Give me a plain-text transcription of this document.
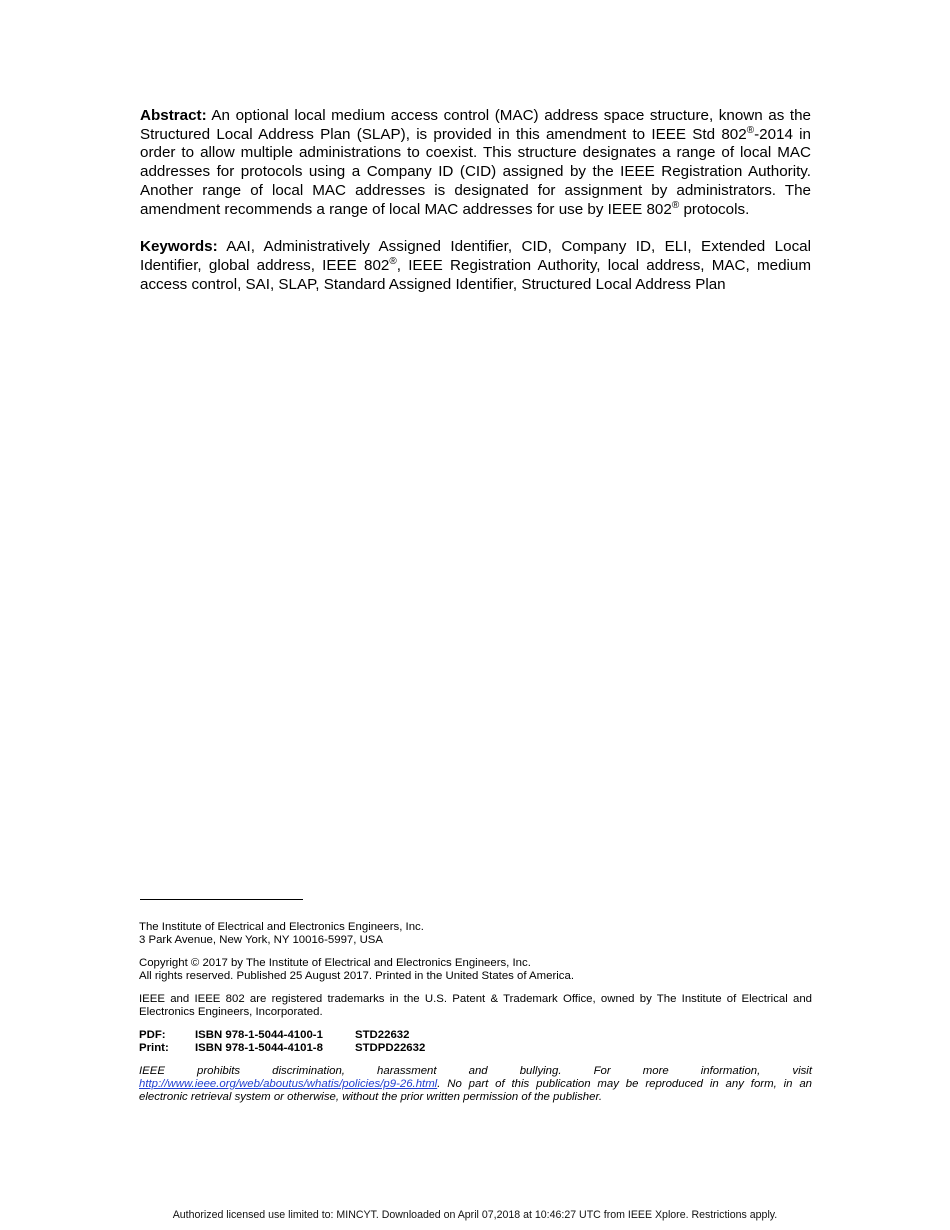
Abstract: An optional local medium access control (MAC) address space structure, known as the Structured Local Address Plan (SLAP), is provided in this amendment to IEEE Std 802®-2014 in order to allow multiple administrations to coexist. This structure designates a range of local MAC addresses for protocols using a Company ID (CID) assigned by the IEEE Registration Authority. Another range of local MAC addresses is designated for assignment by administrators. The amendment recommends a range of local MAC addresses for use by IEEE 802® protocols.

Keywords: AAI, Administratively Assigned Identifier, CID, Company ID, ELI, Extended Local Identifier, global address, IEEE 802®, IEEE Registration Authority, local address, MAC, medium access control, SAI, SLAP, Standard Assigned Identifier, Structured Local Address Plan

The Institute of Electrical and Electronics Engineers, Inc.

3 Park Avenue, New York, NY 10016-5997, USA

Copyright © 2017 by The Institute of Electrical and Electronics Engineers, Inc.

All rights reserved. Published 25 August 2017. Printed in the United States of America.

IEEE and IEEE 802 are registered trademarks in the U.S. Patent & Trademark Office, owned by The Institute of Electrical and Electronics Engineers, Incorporated.

PDF:	ISBN 978-1-5044-4100-1	STD22632
Print: ISBN 978-1-5044-4101-8	STDPD22632

IEEE prohibits discrimination, harassment and bullying. For more information, visit http://www.ieee.org/web/aboutus/whatis/policies/p9-26.html. No part of this publication may be reproduced in any form, in an electronic retrieval system or otherwise, without the prior written permission of the publisher.

Authorized licensed use limited to: MINCYT. Downloaded on April 07,2018 at 10:46:27 UTC from IEEE Xplore. Restrictions apply.
